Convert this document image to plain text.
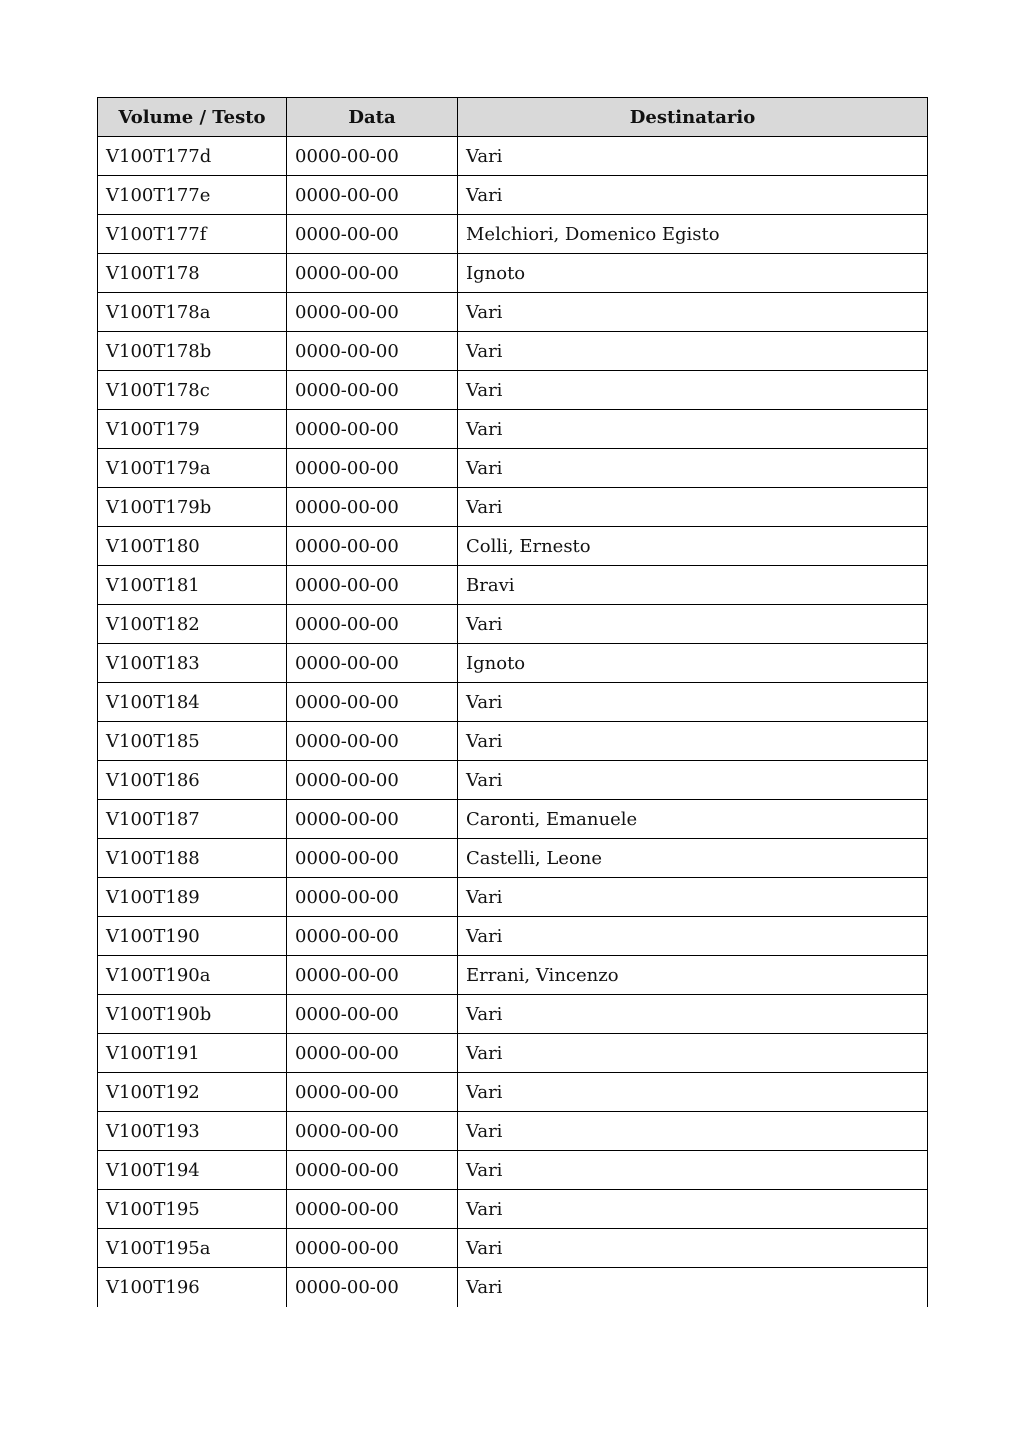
Volume / Testo	Data	Destinatario
V100T177d	0000-00-00	Vari
V100T177e	0000-00-00	Vari
V100T177f	0000-00-00	Melchiori, Domenico Egisto
V100T178	0000-00-00	Ignoto
V100T178a	0000-00-00	Vari
V100T178b	0000-00-00	Vari
V100T178c	0000-00-00	Vari
V100T179	0000-00-00	Vari
V100T179a	0000-00-00	Vari
V100T179b	0000-00-00	Vari
V100T180	0000-00-00	Colli, Ernesto
V100T181	0000-00-00	Bravi
V100T182	0000-00-00	Vari
V100T183	0000-00-00	Ignoto
V100T184	0000-00-00	Vari
V100T185	0000-00-00	Vari
V100T186	0000-00-00	Vari
V100T187	0000-00-00	Caronti, Emanuele
V100T188	0000-00-00	Castelli, Leone
V100T189	0000-00-00	Vari
V100T190	0000-00-00	Vari
V100T190a	0000-00-00	Errani, Vincenzo
V100T190b	0000-00-00	Vari
V100T191	0000-00-00	Vari
V100T192	0000-00-00	Vari
V100T193	0000-00-00	Vari
V100T194	0000-00-00	Vari
V100T195	0000-00-00	Vari
V100T195a	0000-00-00	Vari
V100T196	0000-00-00	Vari
